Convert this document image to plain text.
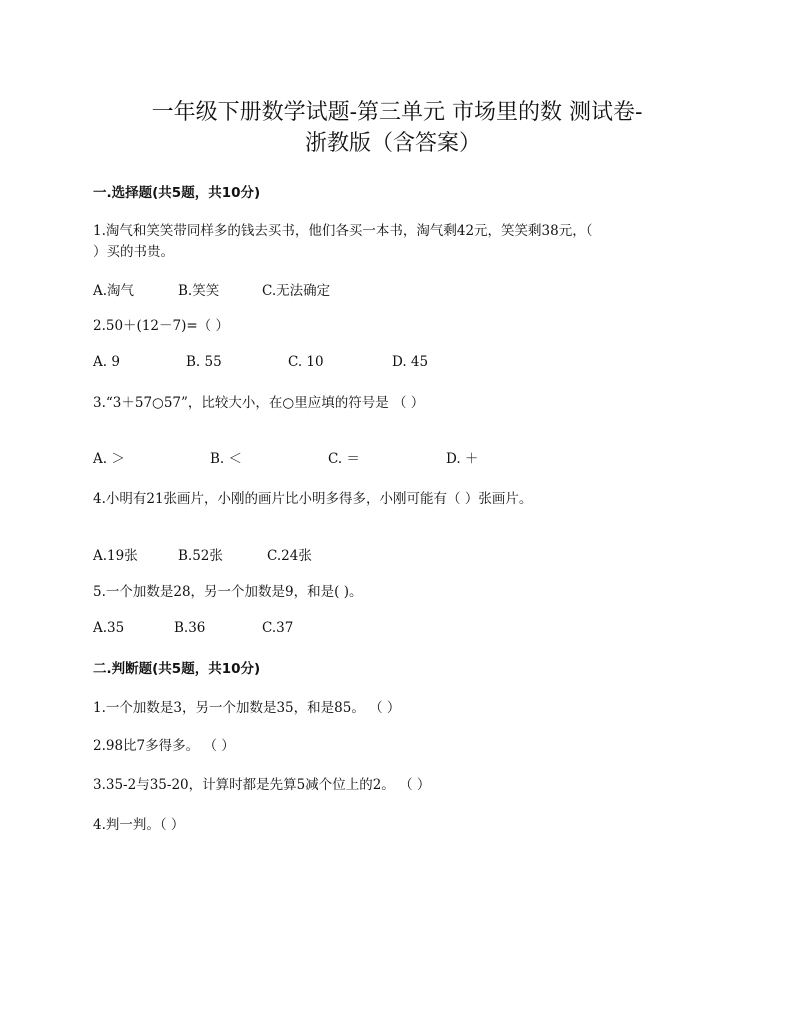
一年级下册数学试题-第三单元 市场里的数 测试卷-
浙教版（含答案）
一.选择题(共5题，共10分)
1.淘气和笑笑带同样多的钱去买书，他们各买一本书，淘气剩42元，笑笑剩38元，（
）买的书贵。
A.淘气	B.笑笑	C.无法确定
2.50＋(12－7)=（ ）
A. 9	B. 55	C. 10	D. 45
3.“3＋57○57”，比较大小，在○里应填的符号是 （ ）
A. ＞	B. ＜	C. ＝	D. ＋
4.小明有21张画片，小刚的画片比小明多得多，小刚可能有（ ）张画片。
A.19张	B.52张	C.24张
5.一个加数是28，另一个加数是9，和是( )。
A.35	B.36	C.37
二.判断题(共5题，共10分)
1.一个加数是3，另一个加数是35，和是85。 （ ）
2.98比7多得多。 （ ）
3.35-2与35-20，计算时都是先算5减个位上的2。 （ ）
4.判一判。（ ）
